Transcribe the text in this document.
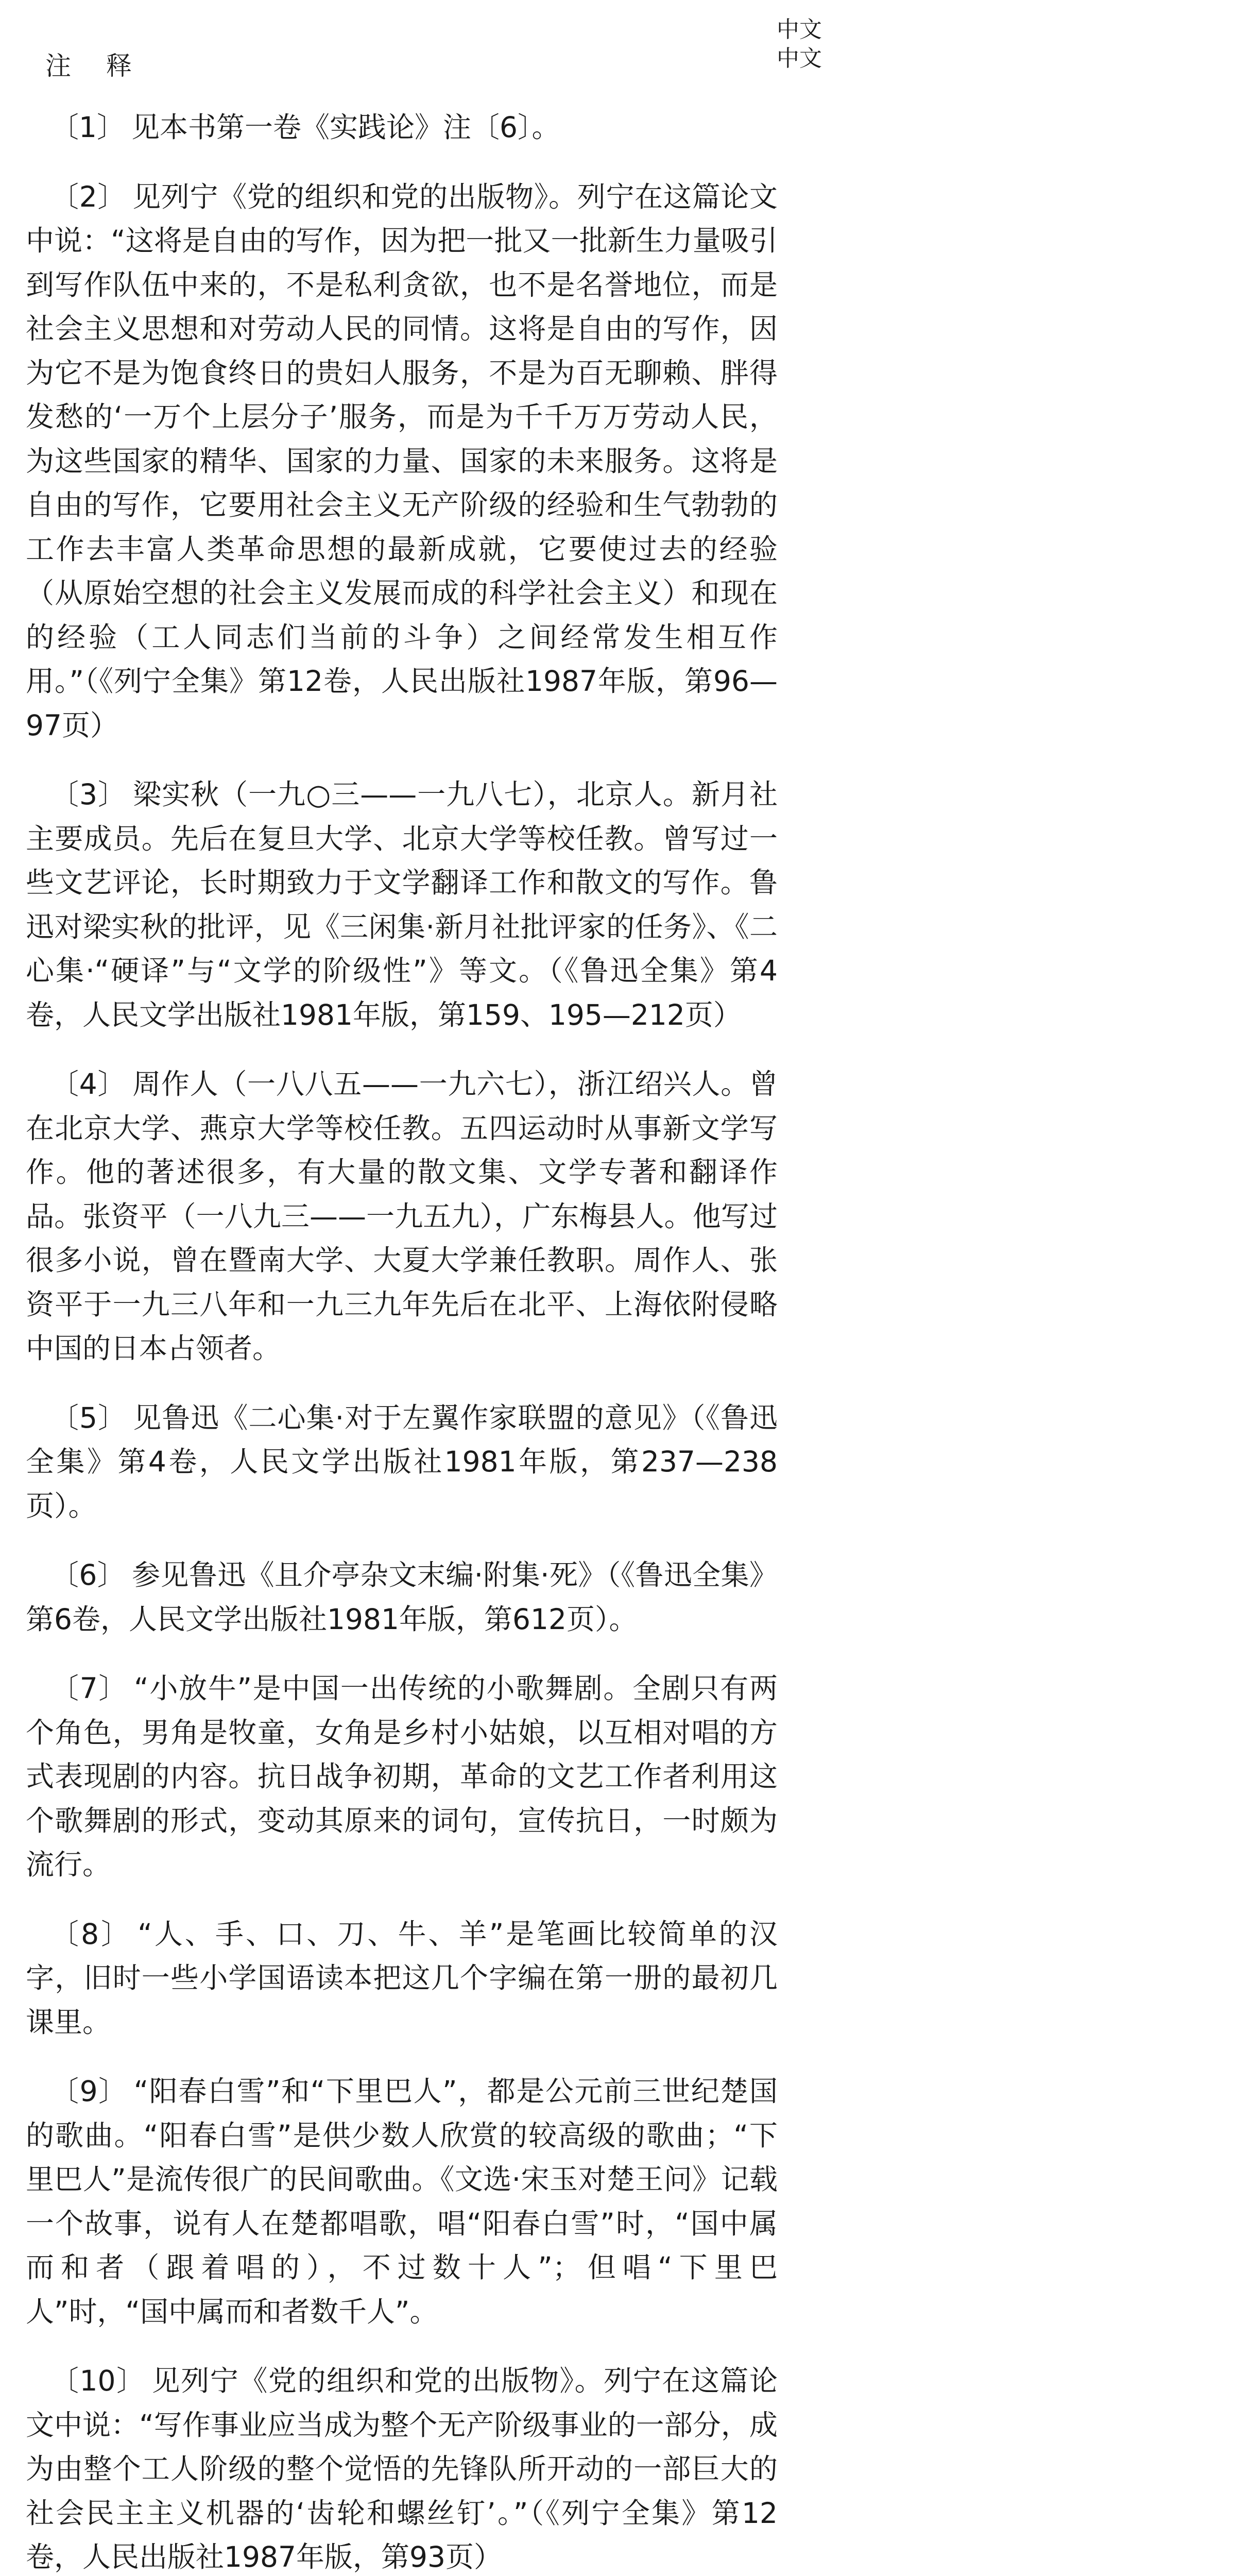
注 释
中文
中文

〔1〕 见本书第一卷《实践论》注〔6〕。

〔2〕 见列宁《党的组织和党的出版物》。列宁在这篇论文中说：“这将是自由的写作，因为把一批又一批新生力量吸引到写作队伍中来的，不是私利贪欲，也不是名誉地位，而是社会主义思想和对劳动人民的同情。这将是自由的写作，因为它不是为饱食终日的贵妇人服务，不是为百无聊赖、胖得发愁的‘一万个上层分子’服务，而是为千千万万劳动人民，为这些国家的精华、国家的力量、国家的未来服务。这将是自由的写作，它要用社会主义无产阶级的经验和生气勃勃的工作去丰富人类革命思想的最新成就，它要使过去的经验（从原始空想的社会主义发展而成的科学社会主义）和现在的经验（工人同志们当前的斗争）之间经常发生相互作用。”（《列宁全集》第12卷，人民出版社1987年版，第96—97页）

〔3〕 梁实秋（一九○三——一九八七），北京人。新月社主要成员。先后在复旦大学、北京大学等校任教。曾写过一些文艺评论，长时期致力于文学翻译工作和散文的写作。鲁迅对梁实秋的批评，见《三闲集·新月社批评家的任务》、《二心集·“硬译”与“文学的阶级性”》等文。（《鲁迅全集》第4卷，人民文学出版社1981年版，第159、195—212页）

〔4〕 周作人（一八八五——一九六七），浙江绍兴人。曾在北京大学、燕京大学等校任教。五四运动时从事新文学写作。他的著述很多，有大量的散文集、文学专著和翻译作品。张资平（一八九三——一九五九），广东梅县人。他写过很多小说，曾在暨南大学、大夏大学兼任教职。周作人、张资平于一九三八年和一九三九年先后在北平、上海依附侵略中国的日本占领者。

〔5〕 见鲁迅《二心集·对于左翼作家联盟的意见》（《鲁迅全集》第4卷，人民文学出版社1981年版，第237—238页）。

〔6〕 参见鲁迅《且介亭杂文末编·附集·死》（《鲁迅全集》第6卷，人民文学出版社1981年版，第612页）。

〔7〕 “小放牛”是中国一出传统的小歌舞剧。全剧只有两个角色，男角是牧童，女角是乡村小姑娘，以互相对唱的方式表现剧的内容。抗日战争初期，革命的文艺工作者利用这个歌舞剧的形式，变动其原来的词句，宣传抗日，一时颇为流行。

〔8〕 “人、手、口、刀、牛、羊”是笔画比较简单的汉字，旧时一些小学国语读本把这几个字编在第一册的最初几课里。

〔9〕 “阳春白雪”和“下里巴人”，都是公元前三世纪楚国的歌曲。“阳春白雪”是供少数人欣赏的较高级的歌曲；“下里巴人”是流传很广的民间歌曲。《文选·宋玉对楚王问》记载一个故事，说有人在楚都唱歌，唱“阳春白雪”时，“国中属而和者（跟着唱的），不过数十人”；但唱“下里巴人”时，“国中属而和者数千人”。

〔10〕 见列宁《党的组织和党的出版物》。列宁在这篇论文中说：“写作事业应当成为整个无产阶级事业的一部分，成为由整个工人阶级的整个觉悟的先锋队所开动的一部巨大的社会民主主义机器的‘齿轮和螺丝钉’。”（《列宁全集》第12卷，人民出版社1987年版，第93页）
